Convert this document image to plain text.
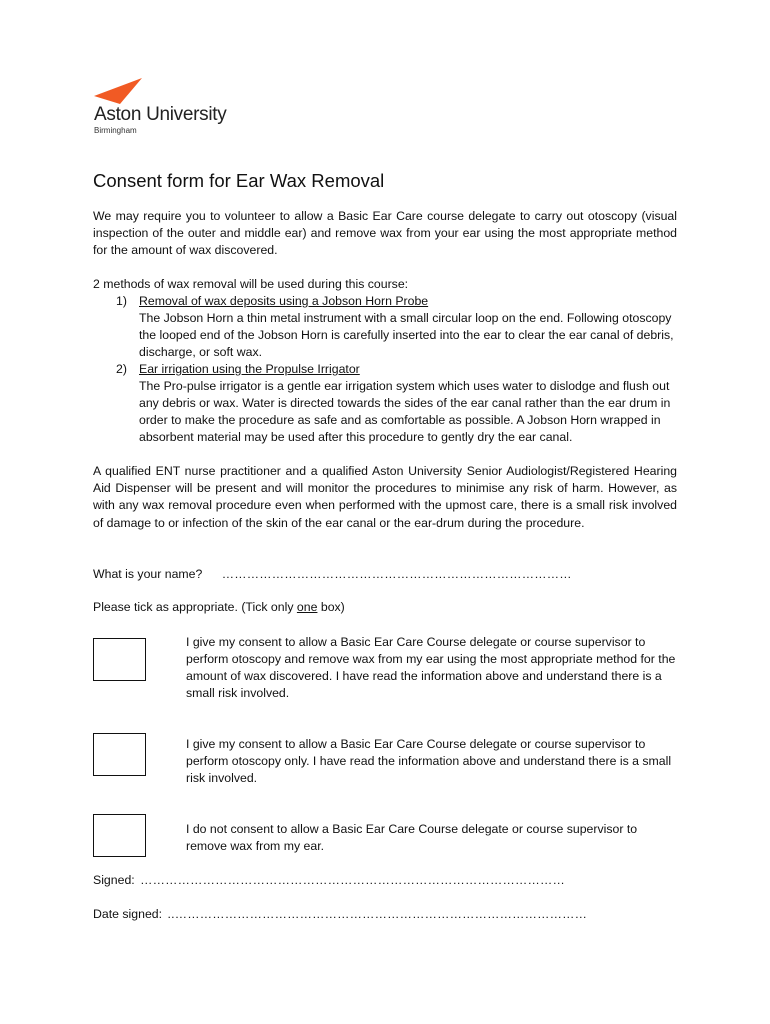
Aston University
Birmingham
Consent form for Ear Wax Removal

We may require you to volunteer to allow a Basic Ear Care course delegate to carry out otoscopy (visual inspection of the outer and middle ear) and remove wax from your ear using the most appropriate method for the amount of wax discovered.

2 methods of wax removal will be used during this course:
1) Removal of wax deposits using a Jobson Horn Probe
The Jobson Horn a thin metal instrument with a small circular loop on the end. Following otoscopy the looped end of the Jobson Horn is carefully inserted into the ear to clear the ear canal of debris, discharge, or soft wax.
2) Ear irrigation using the Propulse Irrigator
The Pro-pulse irrigator is a gentle ear irrigation system which uses water to dislodge and flush out any debris or wax. Water is directed towards the sides of the ear canal rather than the ear drum in order to make the procedure as safe and as comfortable as possible. A Jobson Horn wrapped in absorbent material may be used after this procedure to gently dry the ear canal.

A qualified ENT nurse practitioner and a qualified Aston University Senior Audiologist/Registered Hearing Aid Dispenser will be present and will monitor the procedures to minimise any risk of harm. However, as with any wax removal procedure even when performed with the upmost care, there is a small risk involved of damage to or infection of the skin of the ear canal or the ear-drum during the procedure.

What is your name? …………………………………………………………………………
Please tick as appropriate. (Tick only one box)
I give my consent to allow a Basic Ear Care Course delegate or course supervisor to perform otoscopy and remove wax from my ear using the most appropriate method for the amount of wax discovered. I have read the information above and understand there is a small risk involved.
I give my consent to allow a Basic Ear Care Course delegate or course supervisor to perform otoscopy only. I have read the information above and understand there is a small risk involved.
I do not consent to allow a Basic Ear Care Course delegate or course supervisor to remove wax from my ear.
Signed: …………………………………………………………………………………………
Date signed: ..………………………………………………………………………………………
